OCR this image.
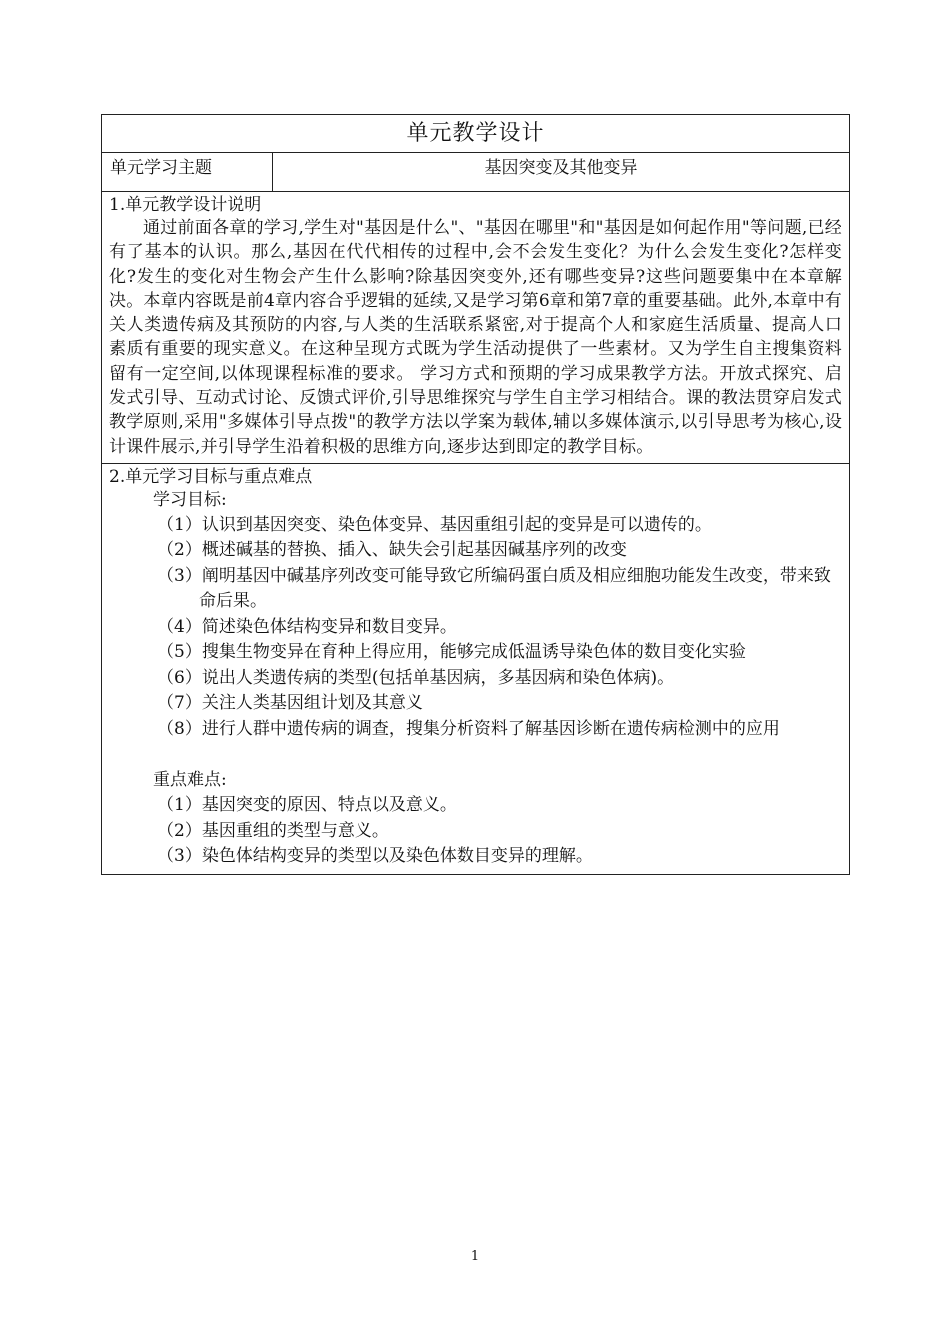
单元教学设计
单元学习主题	基因突变及其他变异

1.单元教学设计说明

通过前面各章的学习,学生对"基因是什么"、"基因在哪里"和"基因是如何起作用"等问题,已经有了基本的认识。那么,基因在代代相传的过程中,会不会发生变化？为什么会发生变化?怎样变化?发生的变化对生物会产生什么影响?除基因突变外,还有哪些变异?这些问题要集中在本章解决。本章内容既是前4章内容合乎逻辑的延续,又是学习第6章和第7章的重要基础。此外,本章中有关人类遗传病及其预防的内容,与人类的生活联系紧密,对于提高个人和家庭生活质量、提高人口素质有重要的现实意义。在这种呈现方式既为学生活动提供了一些素材。又为学生自主搜集资料留有一定空间,以体现课程标准的要求。 学习方式和预期的学习成果教学方法。开放式探究、启发式引导、互动式讨论、反馈式评价,引导思维探究与学生自主学习相结合。课的教法贯穿启发式教学原则,采用"多媒体引导点拨"的教学方法以学案为载体,辅以多媒体演示,以引导思考为核心,设计课件展示,并引导学生沿着积极的思维方向,逐步达到即定的教学目标。

2.单元学习目标与重点难点

学习目标:

（1）认识到基因突变、染色体变异、基因重组引起的变异是可以遗传的。
（2）概述碱基的替换、插入、缺失会引起基因碱基序列的改变
（3）阐明基因中碱基序列改变可能导致它所编码蛋白质及相应细胞功能发生改变，带来致命后果。
（4）简述染色体结构变异和数目变异。
（5）搜集生物变异在育种上得应用，能够完成低温诱导染色体的数目变化实验
（6）说出人类遗传病的类型(包括单基因病，多基因病和染色体病)。
（7）关注人类基因组计划及其意义
（8）进行人群中遗传病的调查，搜集分析资料了解基因诊断在遗传病检测中的应用

重点难点:

（1）基因突变的原因、特点以及意义。
（2）基因重组的类型与意义。
（3）染色体结构变异的类型以及染色体数目变异的理解。
1
